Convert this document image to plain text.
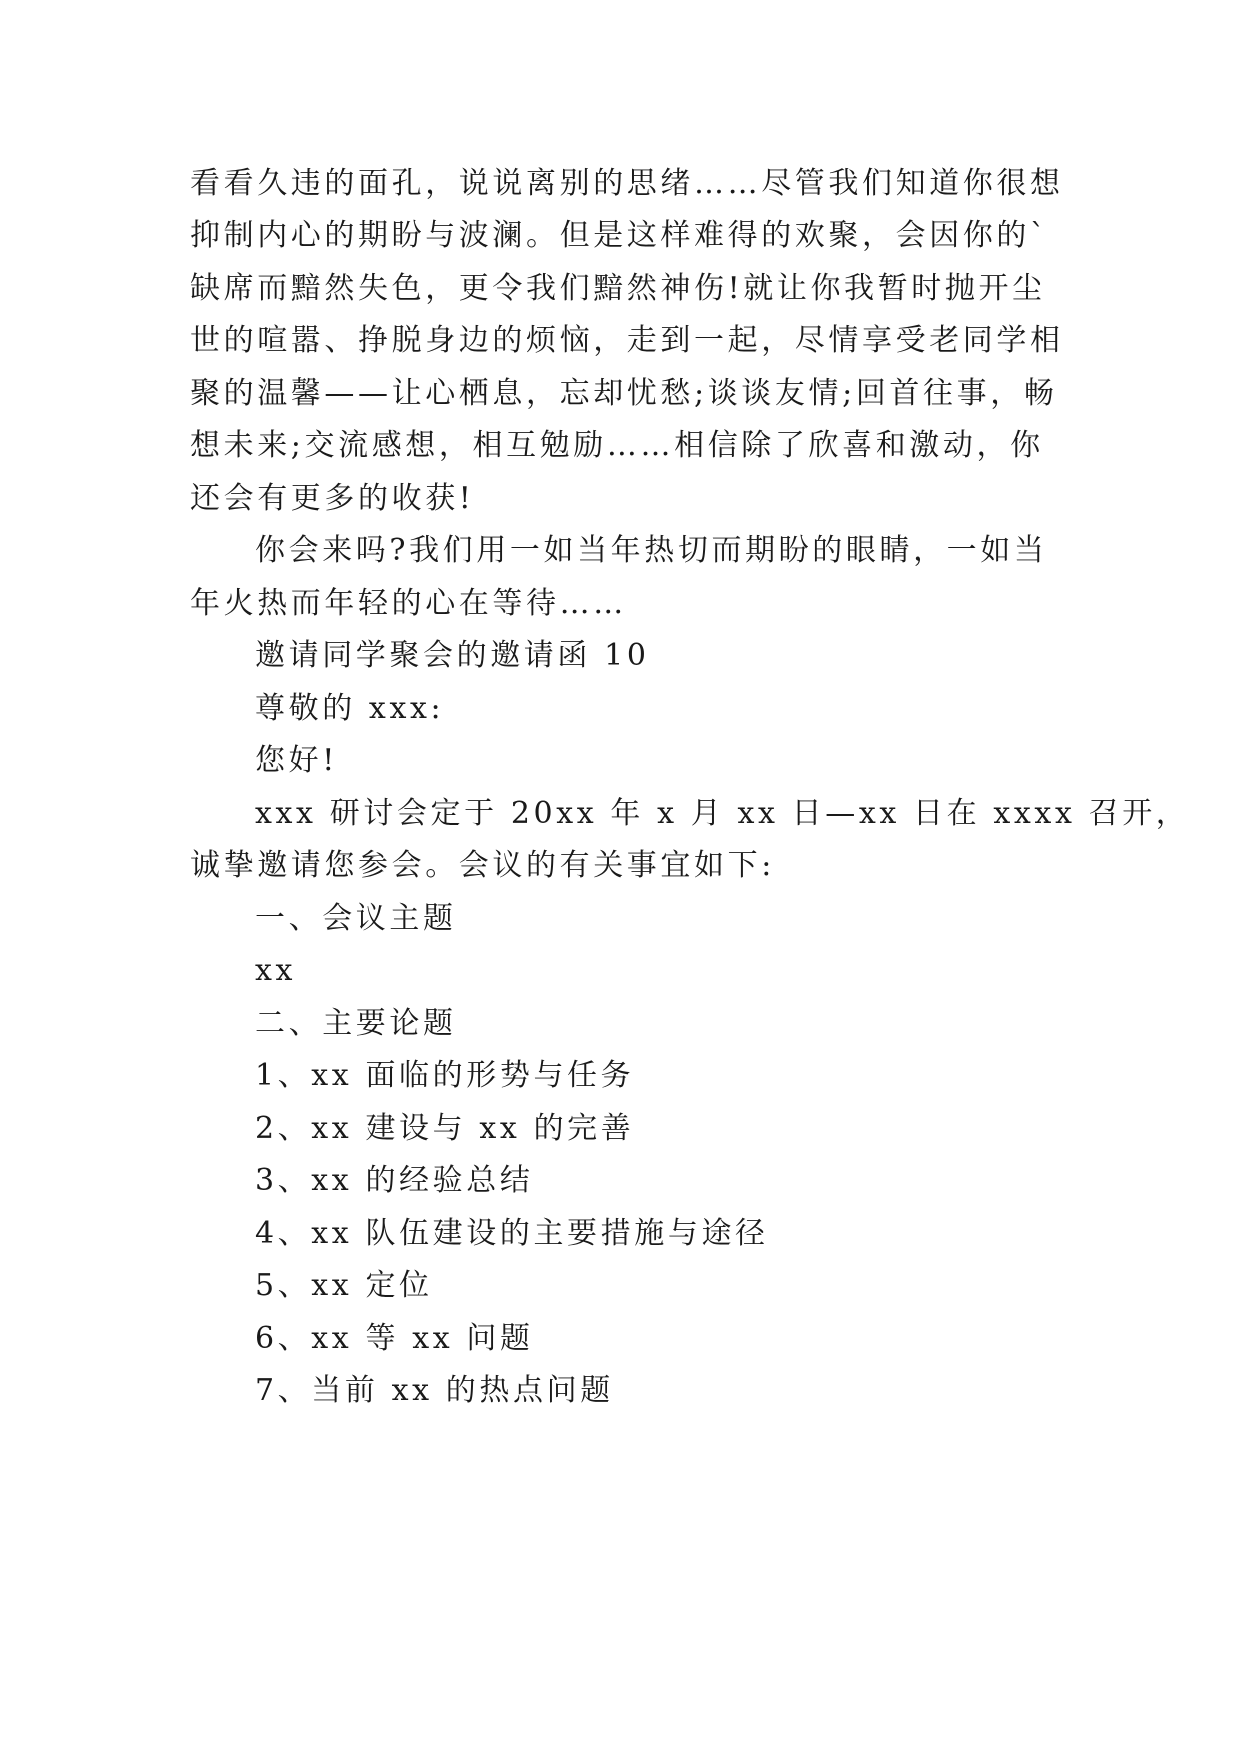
看看久违的面孔，说说离别的思绪……尽管我们知道你很想
抑制内心的期盼与波澜。但是这样难得的欢聚，会因你的`
缺席而黯然失色，更令我们黯然神伤!就让你我暂时抛开尘
世的喧嚣、挣脱身边的烦恼，走到一起，尽情享受老同学相
聚的温馨——让心栖息，忘却忧愁;谈谈友情;回首往事，畅
想未来;交流感想，相互勉励……相信除了欣喜和激动，你
还会有更多的收获!
你会来吗?我们用一如当年热切而期盼的眼睛，一如当
年火热而年轻的心在等待……
邀请同学聚会的邀请函 10
尊敬的 xxx:
您好!
xxx 研讨会定于 20xx 年 x 月 xx 日—xx 日在 xxxx 召开，
诚挚邀请您参会。会议的有关事宜如下:
一、会议主题
xx
二、主要论题
1、xx 面临的形势与任务
2、xx 建设与 xx 的完善
3、xx 的经验总结
4、xx 队伍建设的主要措施与途径
5、xx 定位
6、xx 等 xx 问题
7、当前 xx 的热点问题
